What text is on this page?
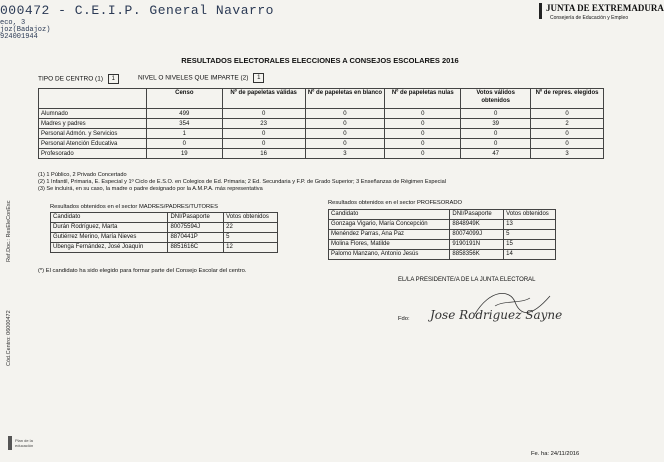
000472 - C.E.I.P. General Navarro
eco, 3
joz(Badajoz)
924001944
JUNTA DE EXTREMADURA
Consejería de Educación y Empleo
RESULTADOS ELECTORALES ELECCIONES A CONSEJOS ESCOLARES 2016
TIPO DE CENTRO (1) 1	NIVEL O NIVELES QUE IMPARTE (2) 1
	Censo	Nº de papeletas válidas	Nº de papeletas en blanco	Nº de papeletas nulas	Votos válidos obtenidos	Nº de repres. elegidos
Alumnado	499	0	0	0	0	0
Madres y padres	354	23	0	0	39	2
Personal Admón. y Servicios	1	0	0	0	0	0
Personal Atención Educativa	0	0	0	0	0	0
Profesorado	19	16	3	0	47	3
(1) 1 Público, 2 Privado Concertado
(2) 1 Infantil, Primaria, E. Especial y 1º Ciclo de E.S.O. en Colegios de Ed. Primaria; 2 Ed. Secundaria y F.P. de Grado Superior; 3 Enseñanzas de Régimen Especial
(3) Se incluirá, en su caso, la madre o padre designado por la A.M.P.A. más representativa
Resultados obtenidos en el sector MADRES/PADRES/TUTORES
Candidato	DNI/Pasaporte	Votos obtenidos
Durán Rodríguez, Marta	80075594J	22
Gutiérrez Merino, María Nieves	8870441P	5
Ubenga Fernández, José Joaquín	8851616C	12
Resultados obtenidos en el sector PROFESORADO
Candidato	DNI/Pasaporte	Votos obtenidos
Gonzaga Vigario, María Concepción	8848949K	13
Menéndez Parras, Ana Paz	80074099J	5
Molina Flores, Matilde	9190191N	15
Palomo Manzano, Antonio Jesús	8858356K	14
(*) El candidato ha sido elegido para formar parte del Consejo Escolar del centro.
EL/LA PRESIDENTE/A DE LA JUNTA ELECTORAL
Fdo: Jose Rodriguez Sayne
Ref.Doc.: ResEleConEsc
Cód.Centro: 06000472
Plan de la educación
Fe. ha: 24/11/2016
